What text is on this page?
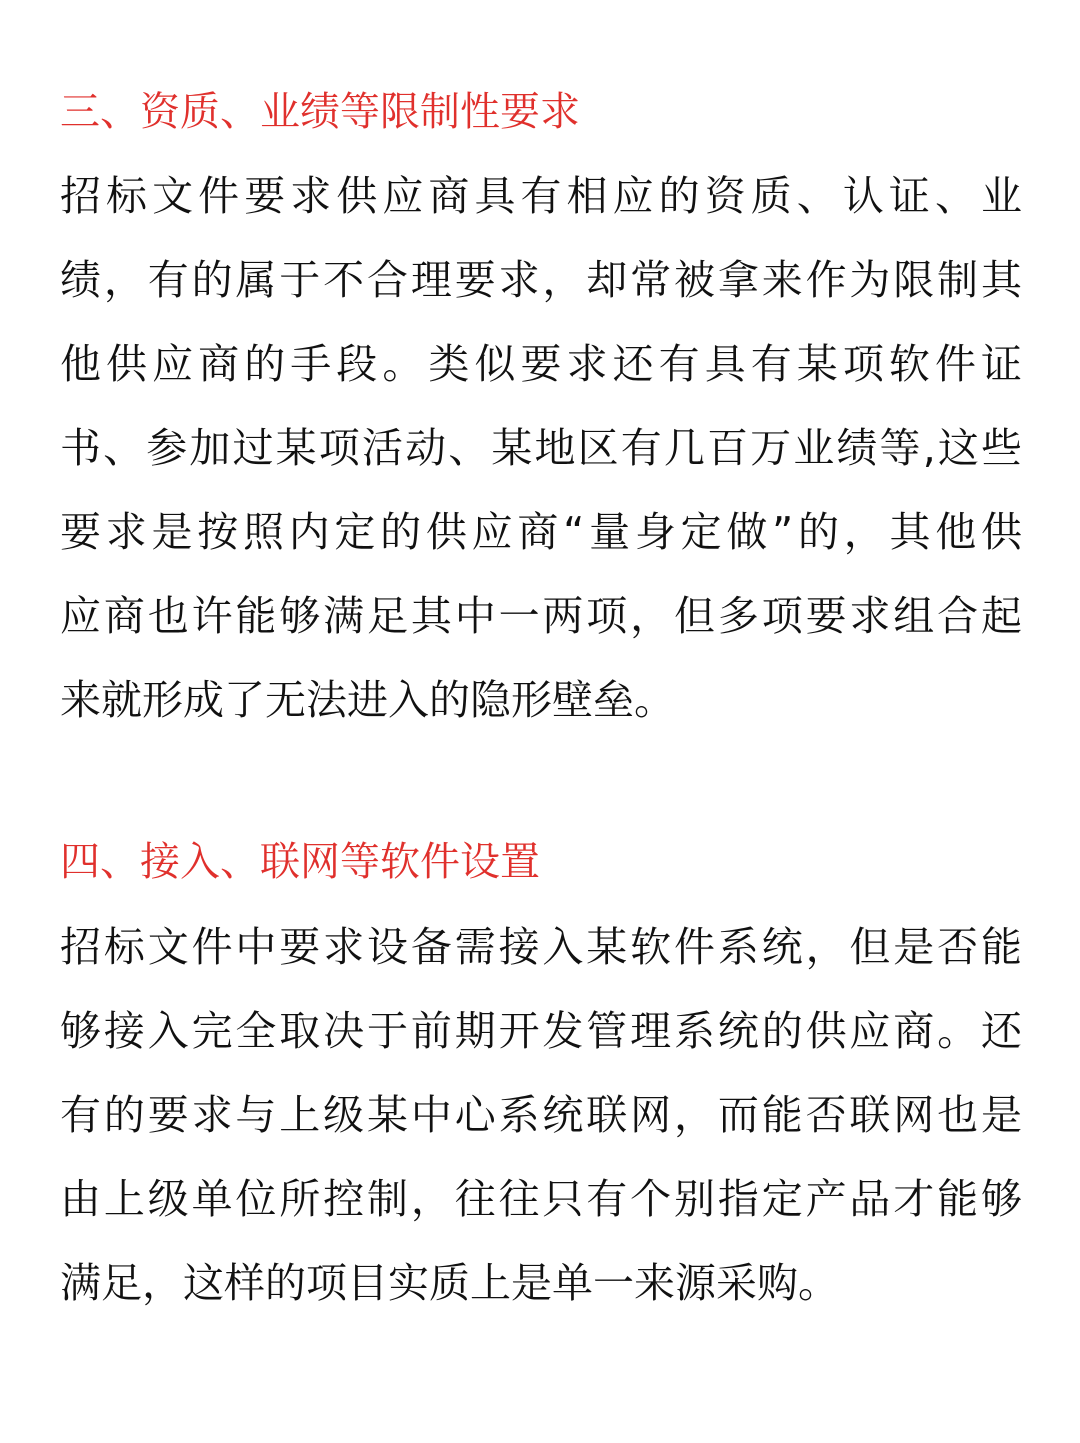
三、资质、业绩等限制性要求
招标文件要求供应商具有相应的资质、认证、业
绩，有的属于不合理要求，却常被拿来作为限制其
他供应商的手段。类似要求还有具有某项软件证
书、参加过某项活动、某地区有几百万业绩等,这些
要求是按照内定的供应商“量身定做”的，其他供
应商也许能够满足其中一两项，但多项要求组合起
来就形成了无法进入的隐形壁垒。
四、接入、联网等软件设置
招标文件中要求设备需接入某软件系统，但是否能
够接入完全取决于前期开发管理系统的供应商。还
有的要求与上级某中心系统联网，而能否联网也是
由上级单位所控制，往往只有个别指定产品才能够
满足，这样的项目实质上是单一来源采购。
